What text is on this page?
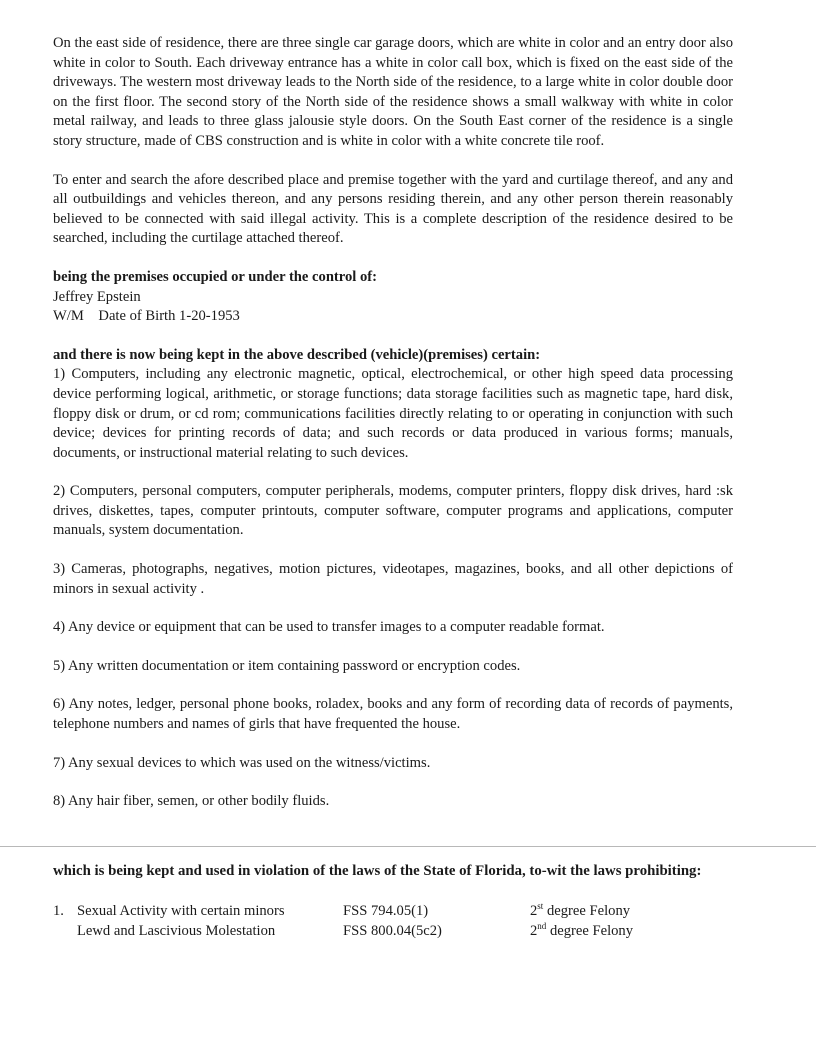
On the east side of residence, there are three single car garage doors, which are white in color and an entry door also white in color to South. Each driveway entrance has a white in color call box, which is fixed on the east side of the driveways. The western most driveway leads to the North side of the residence, to a large white in color double door on the first floor. The second story of the North side of the residence shows a small walkway with white in color metal railway, and leads to three glass jalousie style doors. On the South East corner of the residence is a single story structure, made of CBS construction and is white in color with a white concrete tile roof.

To enter and search the afore described place and premise together with the yard and curtilage thereof, and any and all outbuildings and vehicles thereon, and any persons residing therein, and any other person therein reasonably believed to be connected with said illegal activity. This is a complete description of the residence desired to be searched, including the curtilage attached thereof.

being the premises occupied or under the control of:

Jeffrey Epstein

W/M    Date of Birth 1-20-1953

and there is now being kept in the above described (vehicle)(premises) certain:

1) Computers, including any electronic magnetic, optical, electrochemical, or other high speed data processing device performing logical, arithmetic, or storage functions; data storage facilities such as magnetic tape, hard disk, floppy disk or drum, or cd rom; communications facilities directly relating to or operating in conjunction with such device; devices for printing records of data; and such records or data produced in various forms; manuals, documents, or instructional material relating to such devices.

2) Computers, personal computers, computer peripherals, modems, computer printers, floppy disk drives, hard :sk drives, diskettes, tapes, computer printouts, computer software, computer programs and applications, computer manuals, system documentation.

3) Cameras, photographs, negatives, motion pictures, videotapes, magazines, books, and all other depictions of minors in sexual activity .

4) Any device or equipment that can be used to transfer images to a computer readable format.

5) Any written documentation or item containing password or encryption codes.

6) Any notes, ledger, personal phone books, roladex, books and any form of recording data of records of payments, telephone numbers and names of girls that have frequented the house.

7) Any sexual devices to which was used on the witness/victims.

8) Any hair fiber, semen, or other bodily fluids.

which is being kept and used in violation of the laws of the State of Florida, to-wit the laws prohibiting:
1.	Sexual Activity with certain minors	FSS 794.05(1)	2st degree Felony
	Lewd and Lascivious Molestation	FSS 800.04(5c2)	2nd degree Felony
